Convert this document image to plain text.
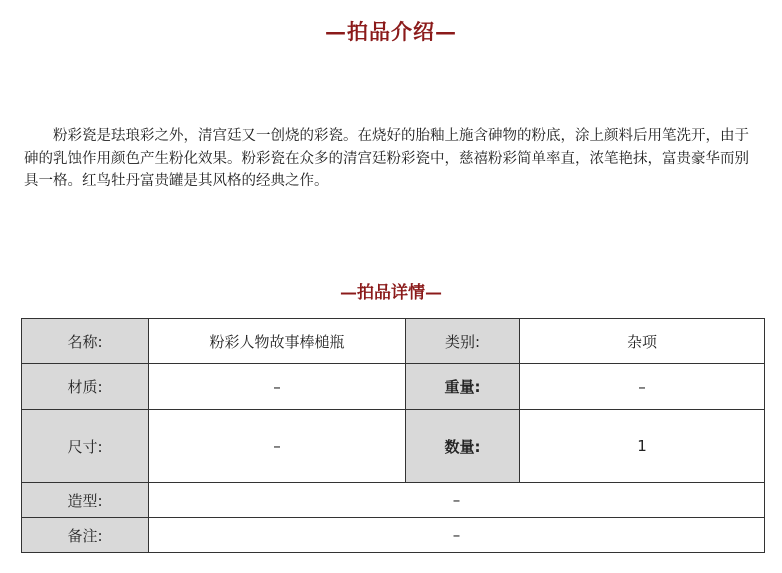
—拍品介绍—

粉彩瓷是珐琅彩之外，清宫廷又一创烧的彩瓷。在烧好的胎釉上施含砷物的粉底，涂上颜料后用笔洗开，由于砷的乳蚀作用颜色产生粉化效果。粉彩瓷在众多的清宫廷粉彩瓷中，慈禧粉彩简单率直，浓笔艳抹，富贵豪华而别具一格。红鸟牡丹富贵罐是其风格的经典之作。

—拍品详情—
名称:	粉彩人物故事棒槌瓶	类别:	杂项
材质:	–	重量:	–
尺寸:	–	数量:	1
造型:	–		
备注:	–		
